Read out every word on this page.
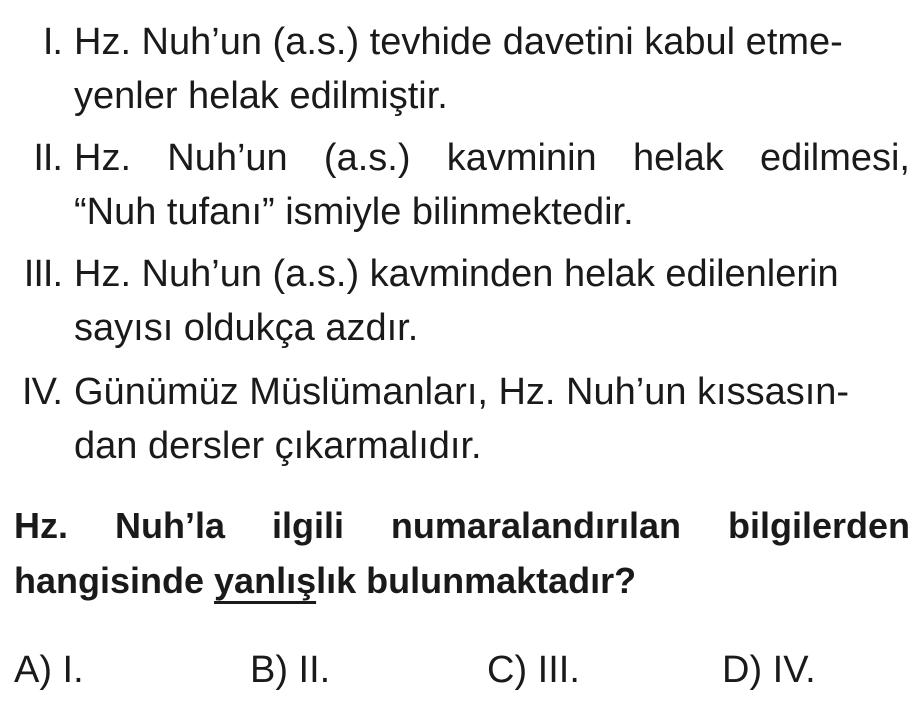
I. Hz. Nuh’un (a.s.) tevhide davetini kabul etme-
yenler helak edilmiştir.
II. Hz. Nuh’un (a.s.) kavminin helak edilmesi,
“Nuh tufanı” ismiyle bilinmektedir.
III. Hz. Nuh’un (a.s.) kavminden helak edilenlerin
sayısı oldukça azdır.
IV. Günümüz Müslümanları, Hz. Nuh’un kıssasın-
dan dersler çıkarmalıdır.
Hz. Nuh’la ilgili numaralandırılan bilgilerden
hangisinde yanlışlık bulunmaktadır?
A) I.	B) II.	C) III.	D) IV.
